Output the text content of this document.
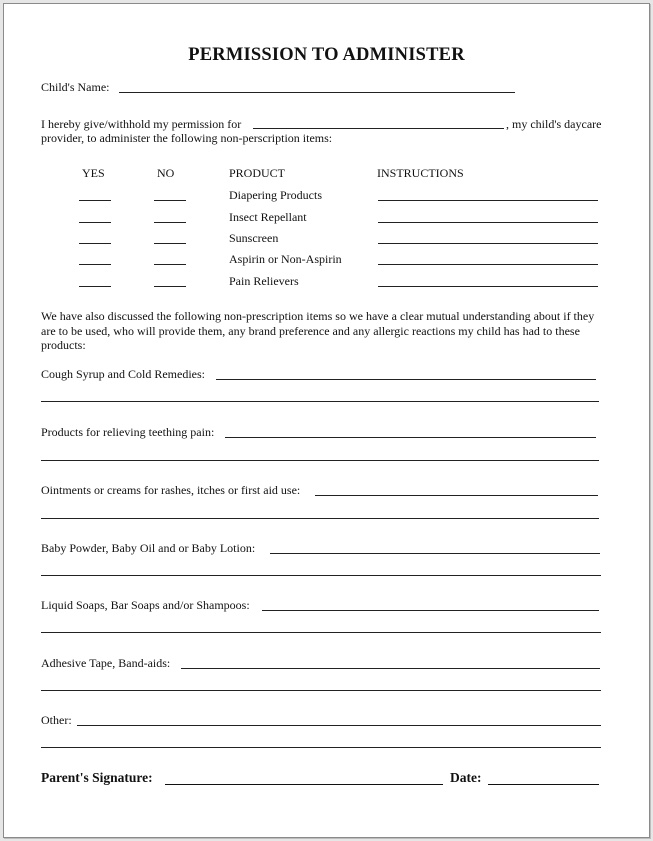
PERMISSION TO ADMINISTER
Child's Name:
I hereby give/withhold my permission for	, my child's daycare
provider, to administer the following non-perscription items:
YES	NO	PRODUCT	INSTRUCTIONS
Diapering Products
Insect Repellant
Sunscreen
Aspirin or Non-Aspirin
Pain Relievers
We have also discussed the following non-prescription items so we have a clear mutual understanding about if they are to be used, who will provide them, any brand preference and any allergic reactions my child has had to these products:
Cough Syrup and Cold Remedies:
Products for relieving teething pain:
Ointments or creams for rashes, itches or first aid use:
Baby Powder, Baby Oil and or Baby Lotion:
Liquid Soaps, Bar Soaps and/or Shampoos:
Adhesive Tape, Band-aids:
Other:
Parent's Signature:	Date:
